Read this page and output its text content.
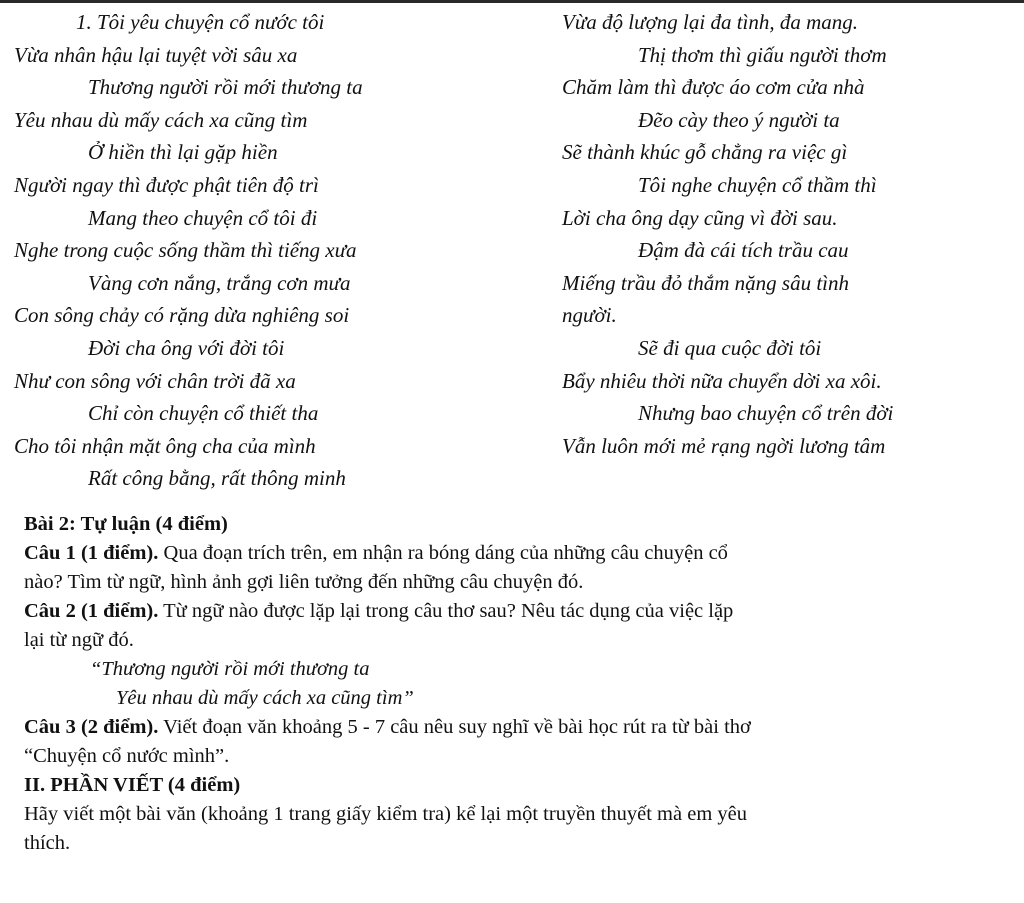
1. Tôi yêu chuyện cổ nước tôi
Vừa nhân hậu lại tuyệt vời sâu xa
Thương người rồi mới thương ta
Yêu nhau dù mấy cách xa cũng tìm
Ở hiền thì lại gặp hiền
Người ngay thì được phật tiên độ trì
Mang theo chuyện cổ tôi đi
Nghe trong cuộc sống thầm thì tiếng xưa
Vàng cơn nắng, trắng cơn mưa
Con sông chảy có rặng dừa nghiêng soi
Đời cha ông với đời tôi
Như con sông với chân trời đã xa
Chỉ còn chuyện cổ thiết tha
Cho tôi nhận mặt ông cha của mình
Rất công bằng, rất thông minh
Vừa độ lượng lại đa tình, đa mang.
Thị thơm thì giấu người thơm
Chăm làm thì được áo cơm cửa nhà
Đẽo cày theo ý người ta
Sẽ thành khúc gỗ chẳng ra việc gì
Tôi nghe chuyện cổ thầm thì
Lời cha ông dạy cũng vì đời sau.
Đậm đà cái tích trầu cau
Miếng trầu đỏ thắm nặng sâu tình
người.
Sẽ đi qua cuộc đời tôi
Bẩy nhiêu thời nữa chuyển dời xa xôi.
Nhưng bao chuyện cổ trên đời
Vẫn luôn mới mẻ rạng ngời lương tâm
Bài 2: Tự luận (4 điểm)
Câu 1 (1 điểm). Qua đoạn trích trên, em nhận ra bóng dáng của những câu chuyện cổ
nào? Tìm từ ngữ, hình ảnh gợi liên tưởng đến những câu chuyện đó.
Câu 2 (1 điểm). Từ ngữ nào được lặp lại trong câu thơ sau? Nêu tác dụng của việc lặp
lại từ ngữ đó.
“Thương người rồi mới thương ta
Yêu nhau dù mấy cách xa cũng tìm”
Câu 3 (2 điểm). Viết đoạn văn khoảng 5 - 7 câu nêu suy nghĩ về bài học rút ra từ bài thơ
“Chuyện cổ nước mình”.
II. PHẦN VIẾT (4 điểm)
Hãy viết một bài văn (khoảng 1 trang giấy kiểm tra) kể lại một truyền thuyết mà em yêu
thích.
